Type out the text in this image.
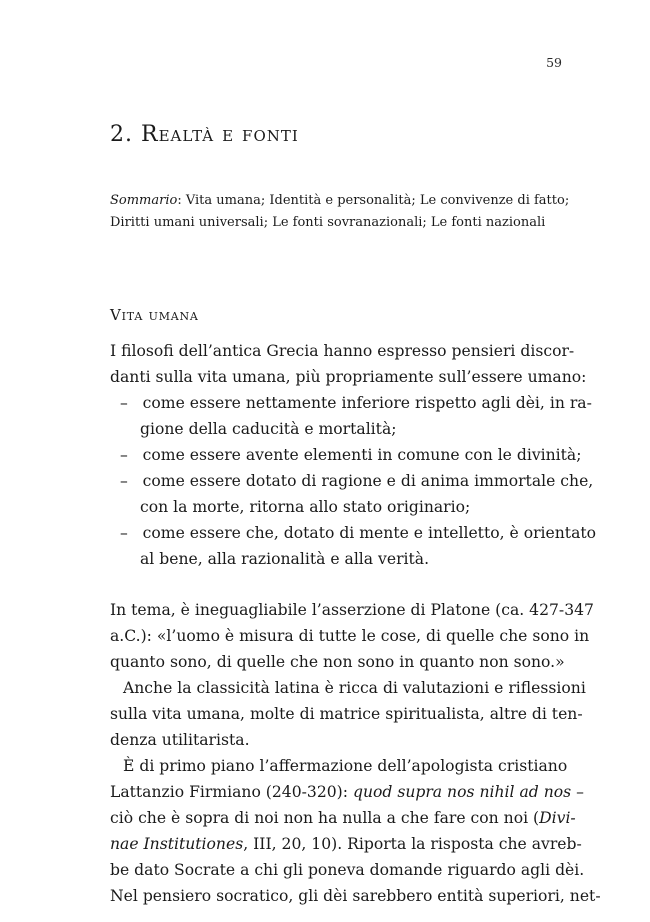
59
2. Realtà e fonti
Sommario: Vita umana; Identità e personalità; Le convivenze di fatto;
Diritti umani universali; Le fonti sovranazionali; Le fonti nazionali
Vita umana

I filosofi dell’antica Grecia hanno espresso pensieri discor-
danti sulla vita umana, più propriamente sull’essere umano:

– come essere nettamente inferiore rispetto agli dèi, in ra-
gione della caducità e mortalità;
– come essere avente elementi in comune con le divinità;
– come essere dotato di ragione e di anima immortale che,
con la morte, ritorna allo stato originario;
– come essere che, dotato di mente e intelletto, è orientato
al bene, alla razionalità e alla verità.

In tema, è ineguagliabile l’asserzione di Platone (ca. 427-347
a.C.): «l’uomo è misura di tutte le cose, di quelle che sono in
quanto sono, di quelle che non sono in quanto non sono.»

Anche la classicità latina è ricca di valutazioni e riflessioni
sulla vita umana, molte di matrice spiritualista, altre di ten-
denza utilitarista.

È di primo piano l’affermazione dell’apologista cristiano
Lattanzio Firmiano (240-320): quod supra nos nihil ad nos –
ciò che è sopra di noi non ha nulla a che fare con noi (Divi-
nae Institutiones, III, 20, 10). Riporta la risposta che avreb-
be dato Socrate a chi gli poneva domande riguardo agli dèi.
Nel pensiero socratico, gli dèi sarebbero entità superiori, net-
